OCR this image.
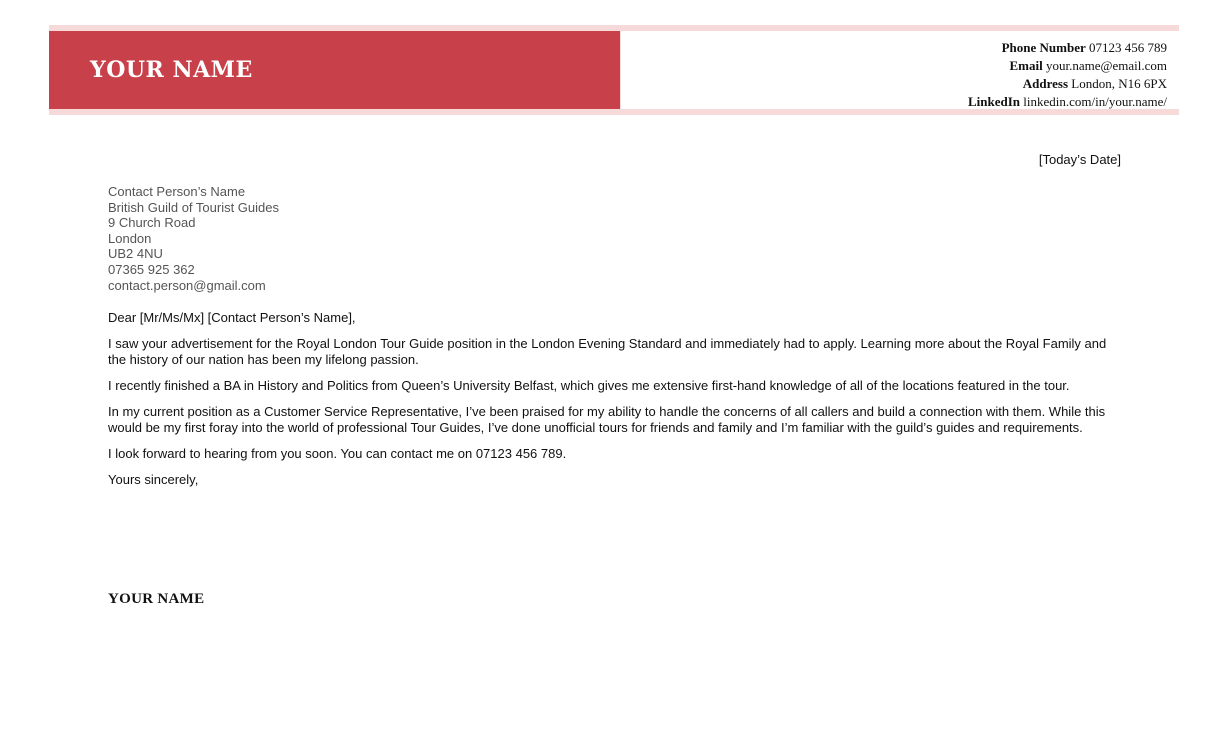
YOUR NAME
Phone Number 07123 456 789
Email your.name@email.com
Address London, N16 6PX
LinkedIn linkedin.com/in/your.name/
[Today’s Date]
Contact Person’s Name
British Guild of Tourist Guides
9 Church Road
London
UB2 4NU
07365 925 362
contact.person@gmail.com

Dear [Mr/Ms/Mx] [Contact Person’s Name],

I saw your advertisement for the Royal London Tour Guide position in the London Evening Standard and immediately had to apply. Learning more about the Royal Family and the history of our nation has been my lifelong passion.

I recently finished a BA in History and Politics from Queen’s University Belfast, which gives me extensive first-hand knowledge of all of the locations featured in the tour.

In my current position as a Customer Service Representative, I’ve been praised for my ability to handle the concerns of all callers and build a connection with them. While this would be my first foray into the world of professional Tour Guides, I’ve done unofficial tours for friends and family and I’m familiar with the guild’s guides and requirements.

I look forward to hearing from you soon. You can contact me on 07123 456 789.

Yours sincerely,

YOUR NAME
